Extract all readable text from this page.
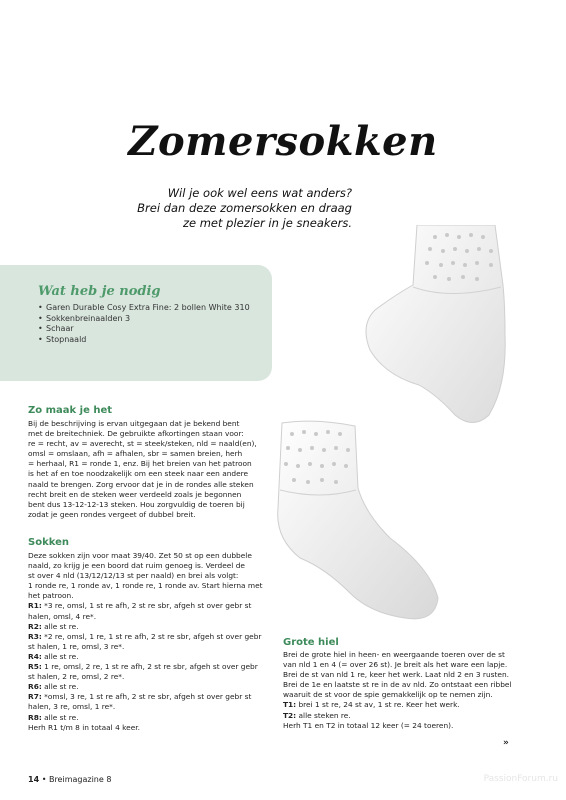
Zomersokken
Wil je ook wel eens wat anders?
Brei dan deze zomersokken en draag
ze met plezier in je sneakers.
Wat heb je nodig
• Garen Durable Cosy Extra Fine: 2 bollen White 310
• Sokkenbreinaalden 3
• Schaar
• Stopnaald
Zo maak je het

Bij de beschrijving is ervan uitgegaan dat je bekend bent

met de breitechniek. De gebruikte afkortingen staan voor:

re = recht, av = averecht, st = steek/steken, nld = naald(en),

omsl = omslaan, afh = afhalen, sbr = samen breien, herh

= herhaal, R1 = ronde 1, enz. Bij het breien van het patroon

is het af en toe noodzakelijk om een steek naar een andere

naald te brengen. Zorg ervoor dat je in de rondes alle steken

recht breit en de steken weer verdeeld zoals je begonnen

bent dus 13-12-12-13 steken. Hou zorgvuldig de toeren bij

zodat je geen rondes vergeet of dubbel breit.

Sokken

Deze sokken zijn voor maat 39/40. Zet 50 st op een dubbele

naald, zo krijg je een boord dat ruim genoeg is. Verdeel de

st over 4 nld (13/12/12/13 st per naald) en brei als volgt:

1 ronde re, 1 ronde av, 1 ronde re, 1 ronde av. Start hierna met

het patroon.

R1: *3 re, omsl, 1 st re afh, 2 st re sbr, afgeh st over gebr st

halen, omsl, 4 re*.

R2: alle st re.

R3: *2 re, omsl, 1 re, 1 st re afh, 2 st re sbr, afgeh st over gebr

st halen, 1 re, omsl, 3 re*.

R4: alle st re.

R5: 1 re, omsl, 2 re, 1 st re afh, 2 st re sbr, afgeh st over gebr

st halen, 2 re, omsl, 2 re*.

R6: alle st re.

R7: *omsl, 3 re, 1 st re afh, 2 st re sbr, afgeh st over gebr st

halen, 3 re, omsl, 1 re*.

R8: alle st re.

Herh R1 t/m 8 in totaal 4 keer.

Grote hiel

Brei de grote hiel in heen- en weergaande toeren over de st

van nld 1 en 4 (= over 26 st). Je breit als het ware een lapje.

Brei de st van nld 1 re, keer het werk. Laat nld 2 en 3 rusten.

Brei de 1e en laatste st re in de av nld. Zo ontstaat een ribbel

waaruit de st voor de spie gemakkelijk op te nemen zijn.

T1: brei 1 st re, 24 st av, 1 st re. Keer het werk.

T2: alle steken re.

Herh T1 en T2 in totaal 12 keer (= 24 toeren).

»
14 • Breimagazine 8	PassionForum.ru
